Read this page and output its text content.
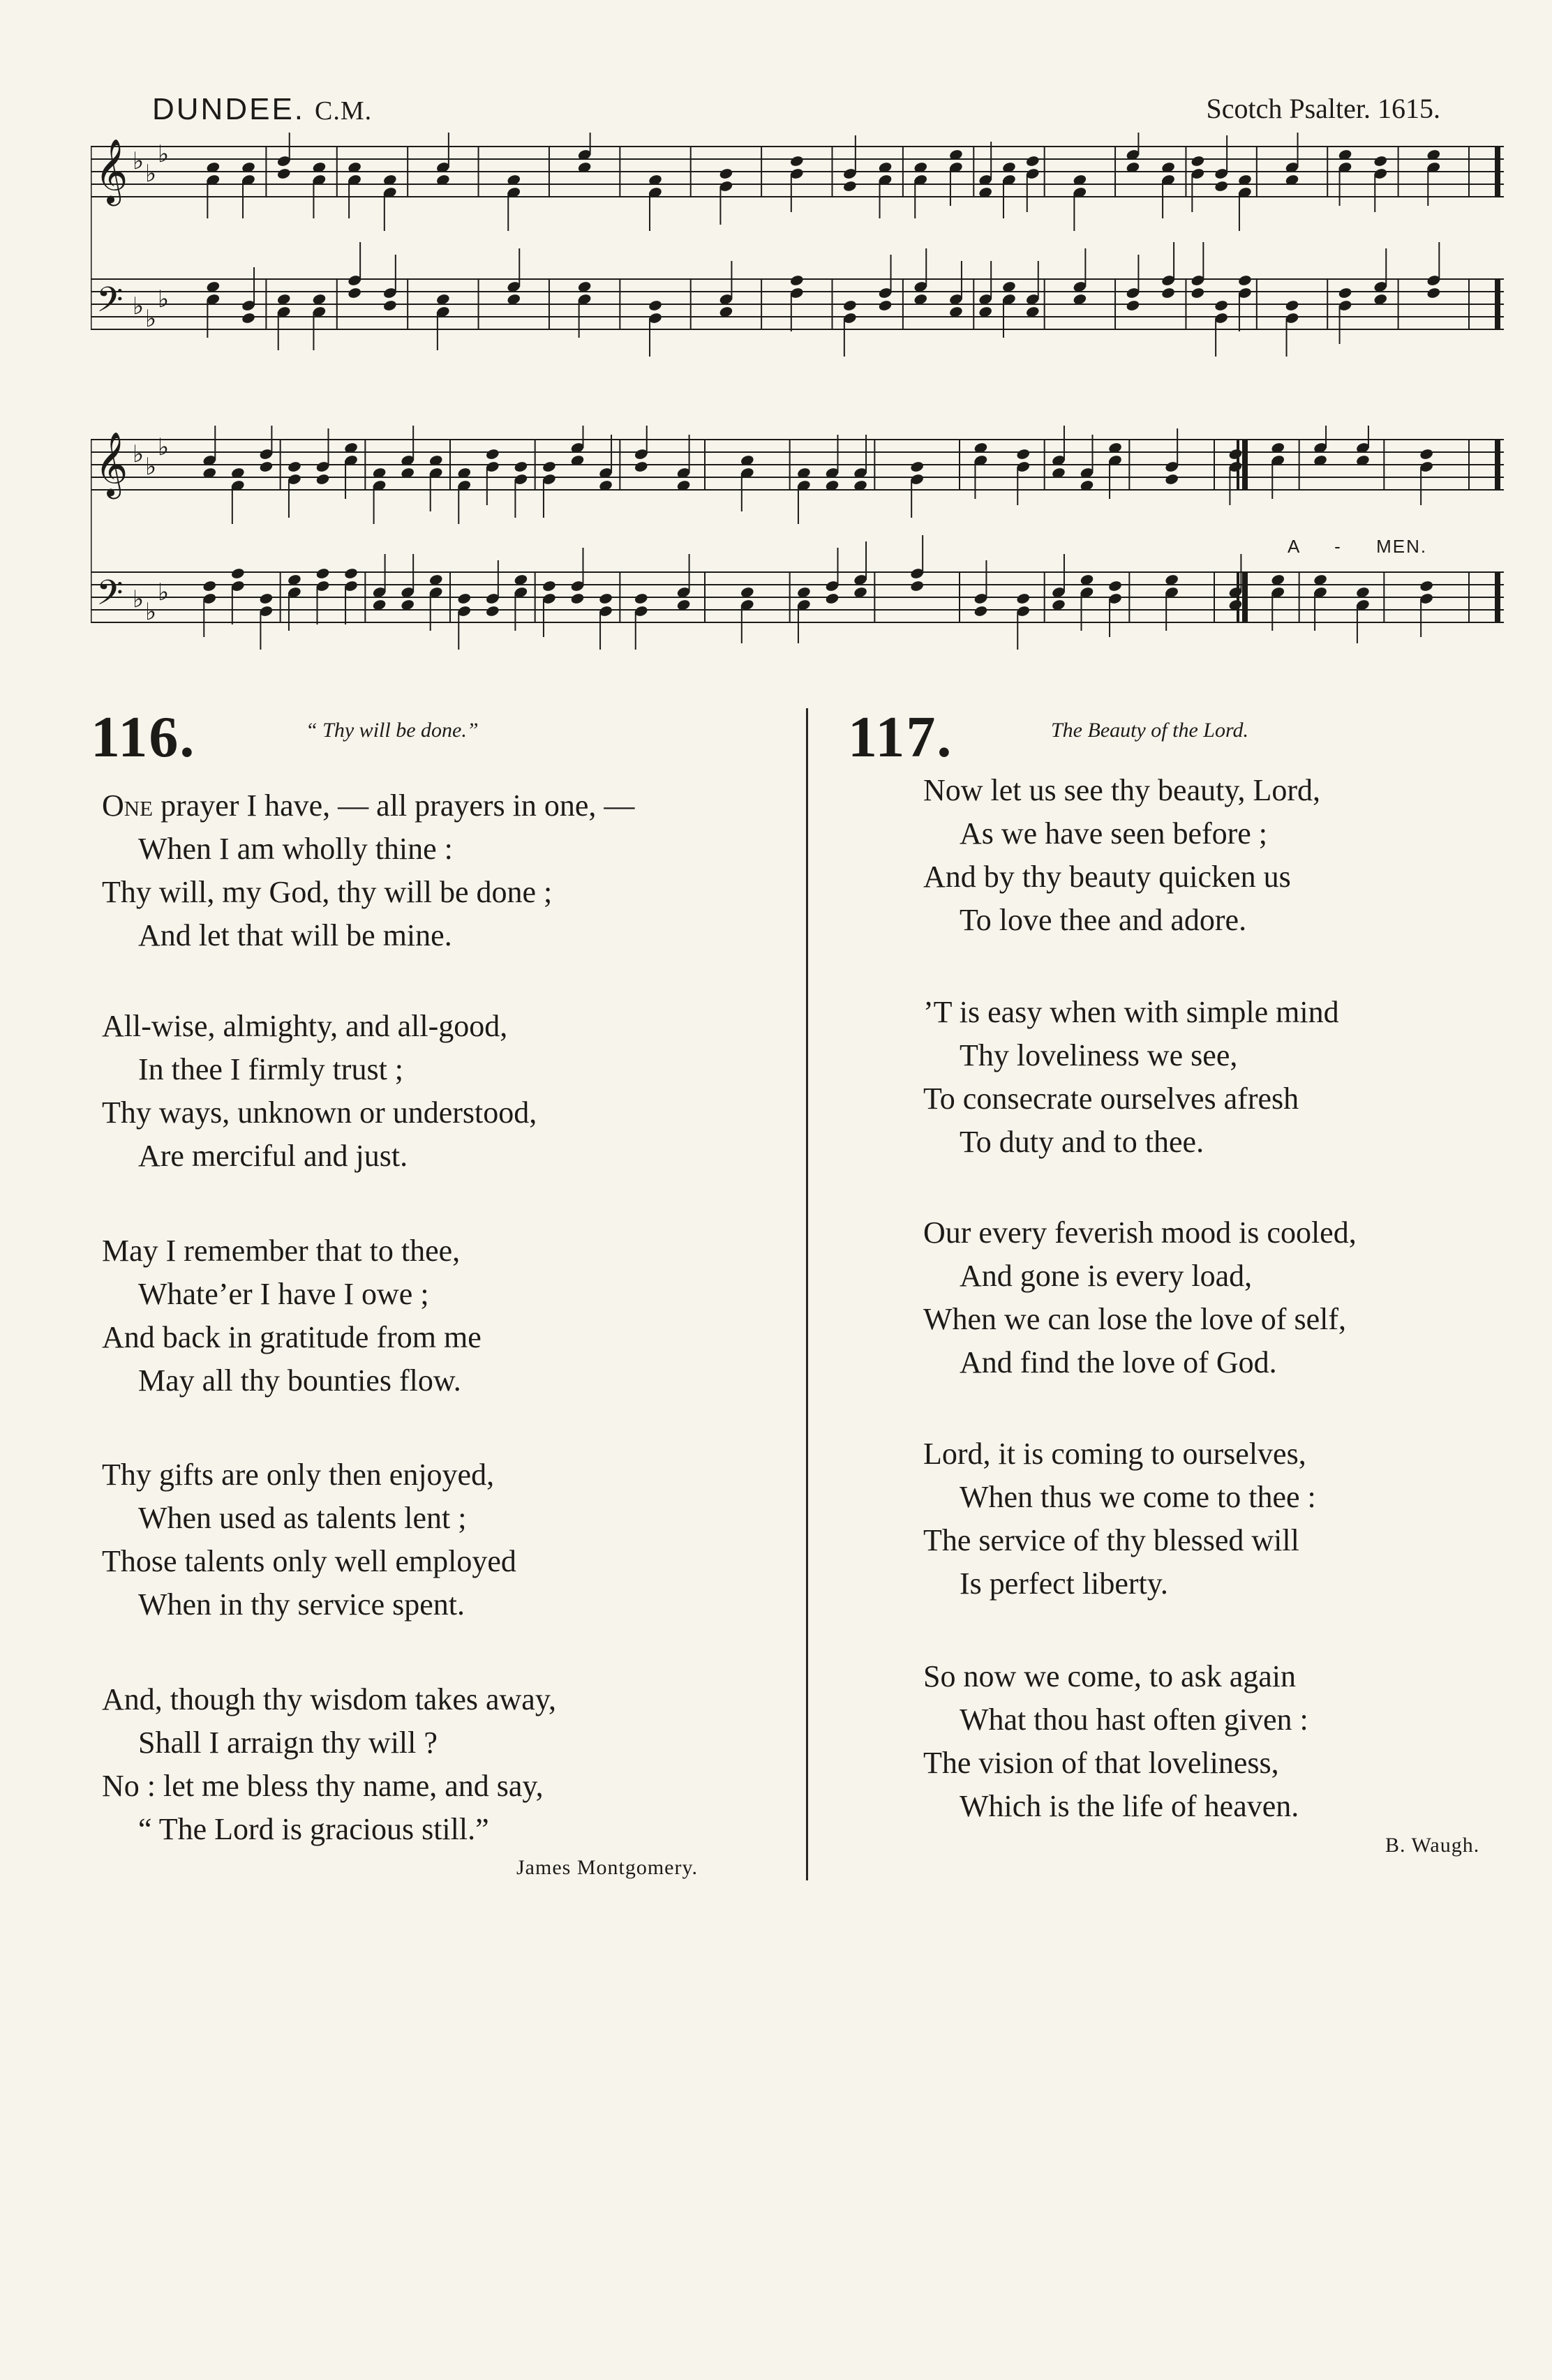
DUNDEE. C.M.	Scotch Psalter. 1615.
𝄞
𝄢
♭ ♭
♭
♭ ♭
♭
𝄞
𝄢
♭ ♭
♭
♭ ♭
♭
A - MEN.
116.	“ Thy will be done.”
One prayer I have, — all prayers in one, —
When I am wholly thine :
Thy will, my God, thy will be done ;
And let that will be mine.
All-wise, almighty, and all-good,
In thee I firmly trust ;
Thy ways, unknown or understood,
Are merciful and just.
May I remember that to thee,
Whate’er I have I owe ;
And back in gratitude from me
May all thy bounties flow.
Thy gifts are only then enjoyed,
When used as talents lent ;
Those talents only well employed
When in thy service spent.
And, though thy wisdom takes away,
Shall I arraign thy will ?
No : let me bless thy name, and say,
“ The Lord is gracious still.”
James Montgomery.
117.	The Beauty of the Lord.
Now let us see thy beauty, Lord,
As we have seen before ;
And by thy beauty quicken us
To love thee and adore.
’T is easy when with simple mind
Thy loveliness we see,
To consecrate ourselves afresh
To duty and to thee.
Our every feverish mood is cooled,
And gone is every load,
When we can lose the love of self,
And find the love of God.
Lord, it is coming to ourselves,
When thus we come to thee :
The service of thy blessed will
Is perfect liberty.
So now we come, to ask again
What thou hast often given :
The vision of that loveliness,
Which is the life of heaven.
B. Waugh.
